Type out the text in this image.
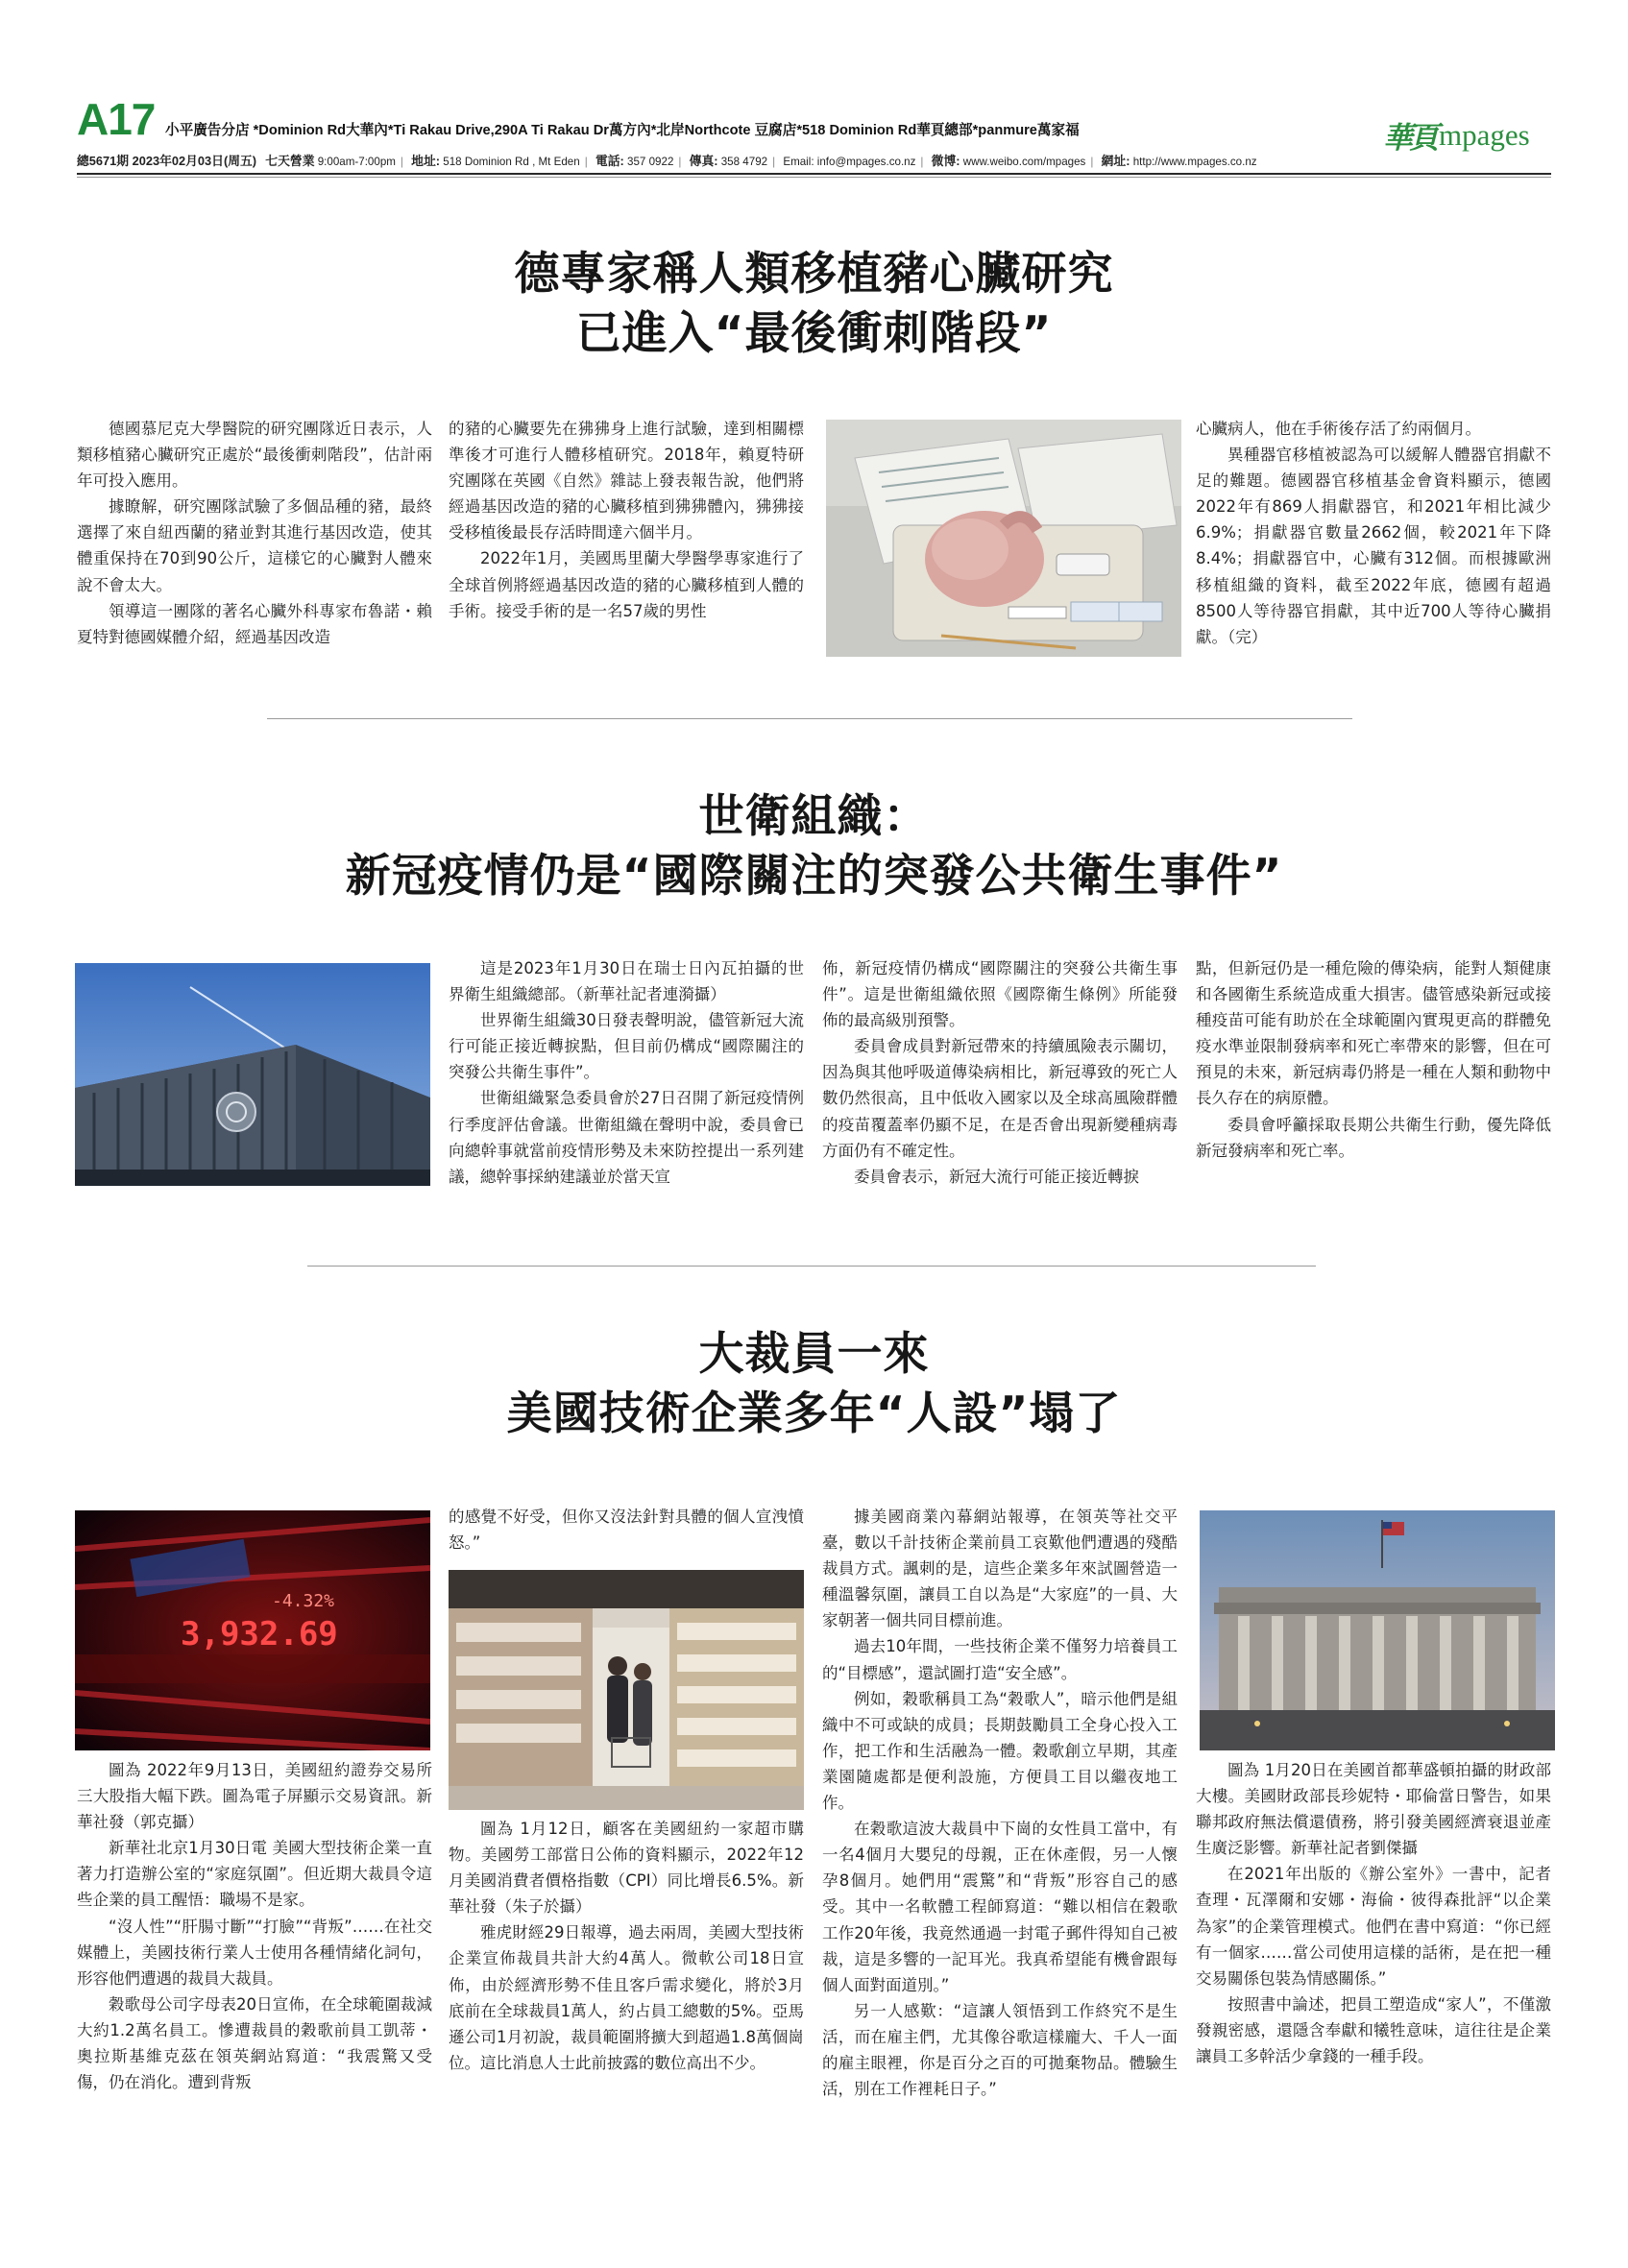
A17 小平廣告分店 *Dominion Rd大華內*Ti Rakau Drive,290A Ti Rakau Dr萬方內*北岸Northcote 豆腐店*518 Dominion Rd華頁總部*panmure萬家福	華頁 mpages
總5671期 2023年02月03日(周五) 七天營業 9:00am-7:00pm | 地址: 518 Dominion Rd , Mt Eden | 電話: 357 0922 | 傳真: 358 4792 | Email: info@mpages.co.nz | 微博: www.weibo.com/mpages | 網址: http://www.mpages.co.nz
德專家稱人類移植豬心臟研究
已進入“最後衝刺階段”

德國慕尼克大學醫院的研究團隊近日表示，人類移植豬心臟研究正處於“最後衝刺階段”，估計兩年可投入應用。

據瞭解，研究團隊試驗了多個品種的豬，最終選擇了來自紐西蘭的豬並對其進行基因改造，使其體重保持在70到90公斤，這樣它的心臟對人體來說不會太大。

領導這一團隊的著名心臟外科專家布魯諾・賴夏特對德國媒體介紹，經過基因改造

的豬的心臟要先在狒狒身上進行試驗，達到相關標準後才可進行人體移植研究。2018年，賴夏特研究團隊在英國《自然》雜誌上發表報告說，他們將經過基因改造的豬的心臟移植到狒狒體內，狒狒接受移植後最長存活時間達六個半月。

2022年1月，美國馬里蘭大學醫學專家進行了全球首例將經過基因改造的豬的心臟移植到人體的手術。接受手術的是一名57歲的男性

心臟病人，他在手術後存活了約兩個月。

異種器官移植被認為可以緩解人體器官捐獻不足的難題。德國器官移植基金會資料顯示，德國2022年有869人捐獻器官，和2021年相比減少6.9%；捐獻器官數量2662個，較2021年下降8.4%；捐獻器官中，心臟有312個。而根據歐洲移植組織的資料，截至2022年底，德國有超過8500人等待器官捐獻，其中近700人等待心臟捐獻。（完）

世衛組織：
新冠疫情仍是“國際關注的突發公共衛生事件”

這是2023年1月30日在瑞士日內瓦拍攝的世界衛生組織總部。（新華社記者連漪攝）

世界衛生組織30日發表聲明說，儘管新冠大流行可能正接近轉捩點，但目前仍構成“國際關注的突發公共衛生事件”。

世衛組織緊急委員會於27日召開了新冠疫情例行季度評估會議。世衛組織在聲明中說，委員會已向總幹事就當前疫情形勢及未來防控提出一系列建議，總幹事採納建議並於當天宣

佈，新冠疫情仍構成“國際關注的突發公共衛生事件”。這是世衛組織依照《國際衛生條例》所能發佈的最高級別預警。

委員會成員對新冠帶來的持續風險表示關切，因為與其他呼吸道傳染病相比，新冠導致的死亡人數仍然很高，且中低收入國家以及全球高風險群體的疫苗覆蓋率仍顯不足，在是否會出現新變種病毒方面仍有不確定性。

委員會表示，新冠大流行可能正接近轉捩

點，但新冠仍是一種危險的傳染病，能對人類健康和各國衛生系統造成重大損害。儘管感染新冠或接種疫苗可能有助於在全球範圍內實現更高的群體免疫水準並限制發病率和死亡率帶來的影響，但在可預見的未來，新冠病毒仍將是一種在人類和動物中長久存在的病原體。

委員會呼籲採取長期公共衛生行動，優先降低新冠發病率和死亡率。

大裁員一來
美國技術企業多年“人設”塌了
-4.32%
3,932.69

圖為 2022年9月13日，美國紐約證券交易所三大股指大幅下跌。圖為電子屏顯示交易資訊。新華社發（郭克攝）

新華社北京1月30日電 美國大型技術企業一直著力打造辦公室的“家庭氛圍”。但近期大裁員令這些企業的員工醒悟：職場不是家。

“沒人性”“肝腸寸斷”“打臉”“背叛”……在社交媒體上，美國技術行業人士使用各種情緒化詞句，形容他們遭遇的裁員大裁員。

穀歌母公司字母表20日宣佈，在全球範圍裁減大約1.2萬名員工。慘遭裁員的穀歌前員工凱蒂・奧拉斯基維克茲在領英網站寫道：“我震驚又受傷，仍在消化。遭到背叛

的感覺不好受，但你又沒法針對具體的個人宣洩憤怒。”

圖為 1月12日，顧客在美國紐約一家超市購物。美國勞工部當日公佈的資料顯示，2022年12月美國消費者價格指數（CPI）同比增長6.5%。新華社發（朱子於攝）

雅虎財經29日報導，過去兩周，美國大型技術企業宣佈裁員共計大約4萬人。微軟公司18日宣佈，由於經濟形勢不佳且客戶需求變化，將於3月底前在全球裁員1萬人，約占員工總數的5%。亞馬遜公司1月初說，裁員範圍將擴大到超過1.8萬個崗位。這比消息人士此前披露的數位高出不少。

據美國商業內幕網站報導，在領英等社交平臺，數以千計技術企業前員工哀歎他們遭遇的殘酷裁員方式。諷刺的是，這些企業多年來試圖營造一種溫馨氛圍，讓員工自以為是“大家庭”的一員、大家朝著一個共同目標前進。

過去10年間，一些技術企業不僅努力培養員工的“目標感”，還試圖打造“安全感”。

例如，穀歌稱員工為“穀歌人”，暗示他們是組織中不可或缺的成員；長期鼓勵員工全身心投入工作，把工作和生活融為一體。穀歌創立早期，其產業園隨處都是便利設施，方便員工目以繼夜地工作。

在穀歌這波大裁員中下崗的女性員工當中，有一名4個月大嬰兒的母親，正在休產假，另一人懷孕8個月。她們用“震驚”和“背叛”形容自己的感受。其中一名軟體工程師寫道：“難以相信在穀歌工作20年後，我竟然通過一封電子郵件得知自己被裁，這是多響的一記耳光。我真希望能有機會跟每個人面對面道別。”

另一人感歎：“這讓人領悟到工作終究不是生活，而在雇主們，尤其像谷歌這樣龐大、千人一面的雇主眼裡，你是百分之百的可拋棄物品。體驗生活，別在工作裡耗日子。”

圖為 1月20日在美國首都華盛頓拍攝的財政部大樓。美國財政部長珍妮特・耶倫當日警告，如果聯邦政府無法償還債務，將引發美國經濟衰退並產生廣泛影響。新華社記者劉傑攝

在2021年出版的《辦公室外》一書中，記者查理・瓦澤爾和安娜・海倫・彼得森批評“以企業為家”的企業管理模式。他們在書中寫道：“你已經有一個家……當公司使用這樣的話術，是在把一種交易關係包裝為情感關係。”

按照書中論述，把員工塑造成“家人”，不僅激發親密感，還隱含奉獻和犧牲意味，這往往是企業讓員工多幹活少拿錢的一種手段。
